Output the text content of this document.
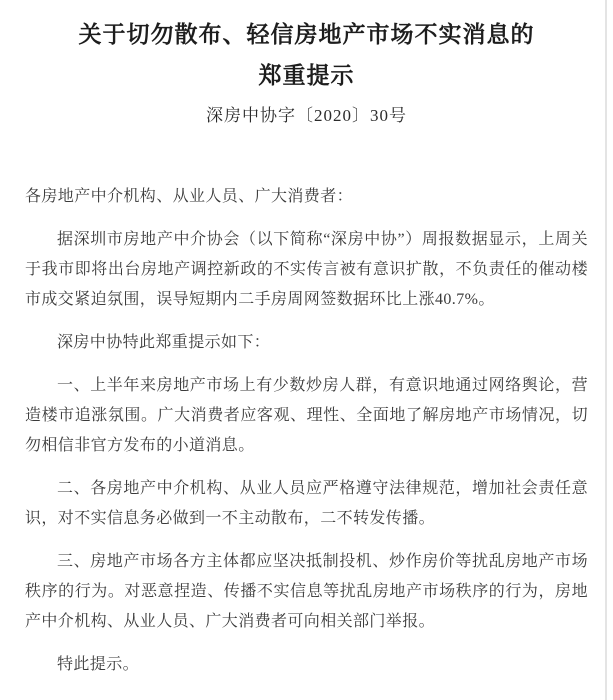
关于切勿散布、轻信房地产市场不实消息的
郑重提示
深房中协字〔2020〕30号

各房地产中介机构、从业人员、广大消费者：

据深圳市房地产中介协会（以下简称“深房中协”）周报数据显示，上周关于我市即将出台房地产调控新政的不实传言被有意识扩散，不负责任的催动楼市成交紧迫氛围，误导短期内二手房周网签数据环比上涨40.7%。

深房中协特此郑重提示如下：

一、上半年来房地产市场上有少数炒房人群，有意识地通过网络舆论，营造楼市追涨氛围。广大消费者应客观、理性、全面地了解房地产市场情况，切勿相信非官方发布的小道消息。

二、各房地产中介机构、从业人员应严格遵守法律规范，增加社会责任意识，对不实信息务必做到一不主动散布，二不转发传播。

三、房地产市场各方主体都应坚决抵制投机、炒作房价等扰乱房地产市场秩序的行为。对恶意捏造、传播不实信息等扰乱房地产市场秩序的行为，房地产中介机构、从业人员、广大消费者可向相关部门举报。

特此提示。
